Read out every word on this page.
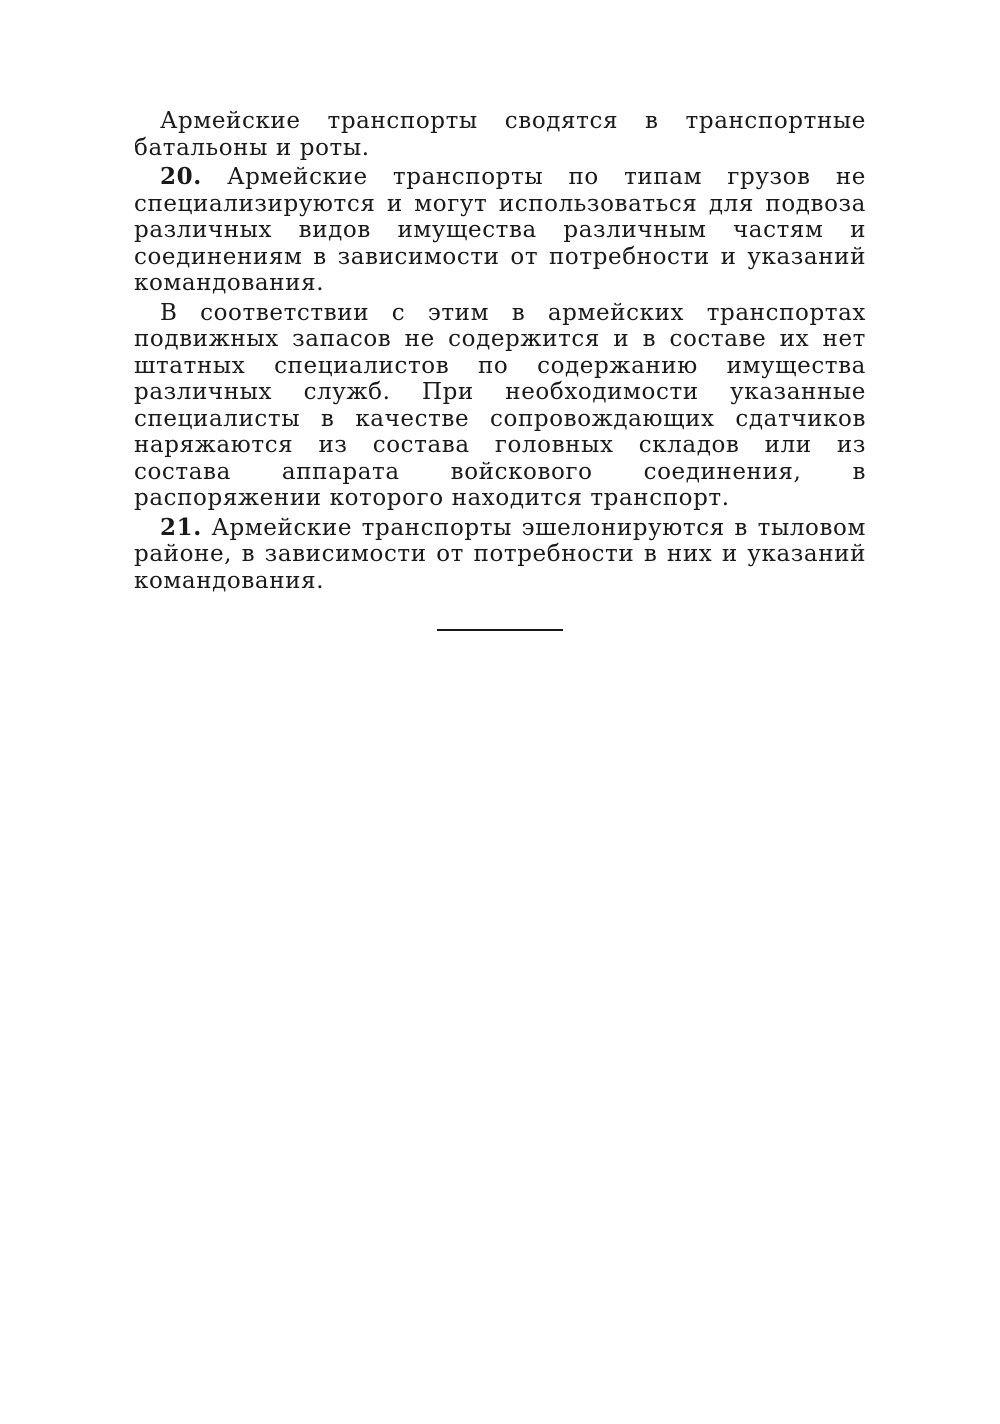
Армейские транспорты сводятся в транспортные батальоны и роты.

20. Армейские транспорты по типам грузов не специализируются и могут использоваться для подвоза различных видов имущества различным частям и соединениям в зависимости от потребности и указаний командования.

В соответствии с этим в армейских транспортах подвижных запасов не содержится и в составе их нет штатных специалистов по содержанию имущества различных служб. При необходимости указанные специалисты в качестве сопровождающих сдатчиков наряжаются из состава головных складов или из состава аппарата войскового соединения, в распоряжении которого находится транспорт.

21. Армейские транспорты эшелонируются в тыловом районе, в зависимости от потребности в них и указаний командования.
